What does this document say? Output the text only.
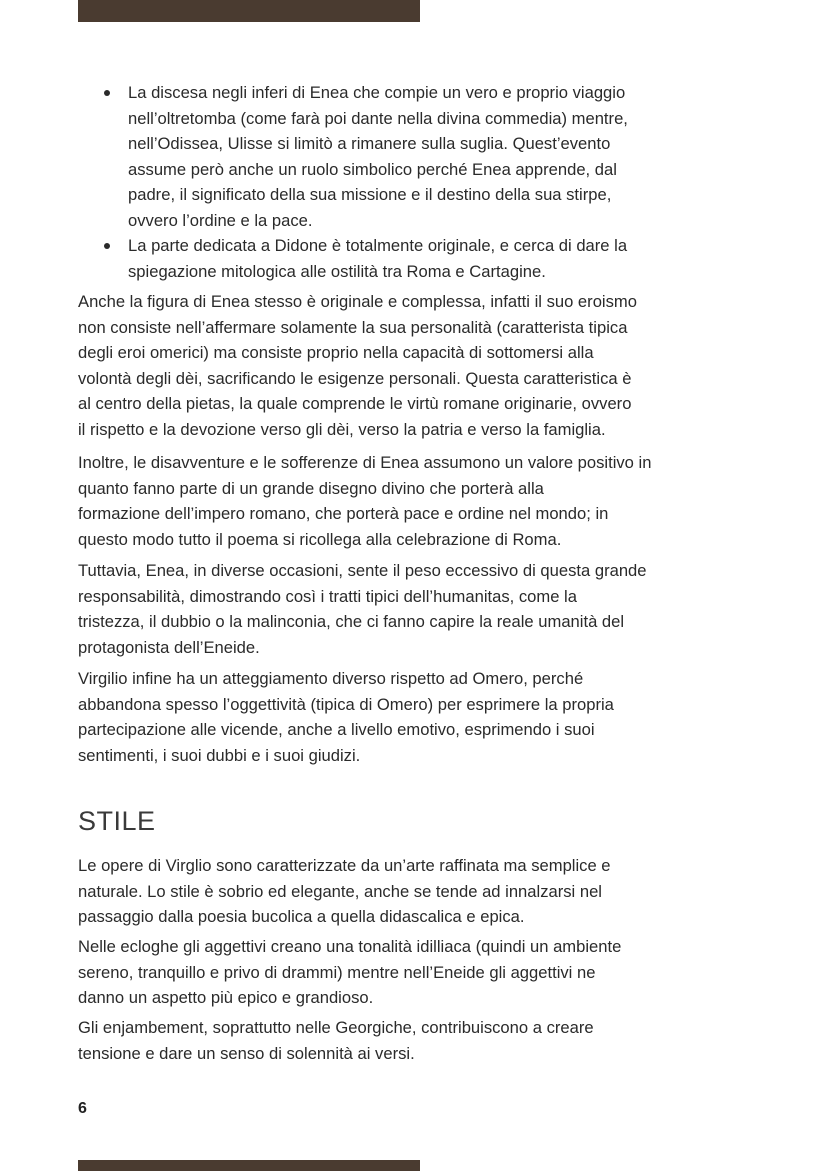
La discesa negli inferi di Enea che compie un vero e proprio viaggio
nell’oltretomba (come farà poi dante nella divina commedia) mentre,
nell’Odissea, Ulisse si limitò a rimanere sulla suglia. Quest’evento
assume però anche un ruolo simbolico perché Enea apprende, dal
padre, il significato della sua missione e il destino della sua stirpe,
ovvero l’ordine e la pace.
La parte dedicata a Didone è totalmente originale, e cerca di dare la
spiegazione mitologica alle ostilità tra Roma e Cartagine.
Anche la figura di Enea stesso è originale e complessa, infatti il suo eroismo
non consiste nell’affermare solamente la sua personalità (caratterista tipica
degli eroi omerici) ma consiste proprio nella capacità di sottomersi alla
volontà degli dèi, sacrificando le esigenze personali. Questa caratteristica è
al centro della pietas, la quale comprende le virtù romane originarie, ovvero
il rispetto e la devozione verso gli dèi, verso la patria e verso la famiglia.
Inoltre, le disavventure e le sofferenze di Enea assumono un valore positivo in
quanto fanno parte di un grande disegno divino che porterà alla
formazione dell’impero romano, che porterà pace e ordine nel mondo; in
questo modo tutto il poema si ricollega alla celebrazione di Roma.
Tuttavia, Enea, in diverse occasioni, sente il peso eccessivo di questa grande
responsabilità, dimostrando così i tratti tipici dell’humanitas, come la
tristezza, il dubbio o la malinconia, che ci fanno capire la reale umanità del
protagonista dell’Eneide.
Virgilio infine ha un atteggiamento diverso rispetto ad Omero, perché
abbandona spesso l’oggettività (tipica di Omero) per esprimere la propria
partecipazione alle vicende, anche a livello emotivo, esprimendo i suoi
sentimenti, i suoi dubbi e i suoi giudizi.
STILE
Le opere di Virglio sono caratterizzate da un’arte raffinata ma semplice e
naturale. Lo stile è sobrio ed elegante, anche se tende ad innalzarsi nel
passaggio dalla poesia bucolica a quella didascalica e epica.
Nelle ecloghe gli aggettivi creano una tonalità idilliaca (quindi un ambiente
sereno, tranquillo e privo di drammi) mentre nell’Eneide gli aggettivi ne
danno un aspetto più epico e grandioso.
Gli enjambement, soprattutto nelle Georgiche, contribuiscono a creare
tensione e dare un senso di solennità ai versi.
6
